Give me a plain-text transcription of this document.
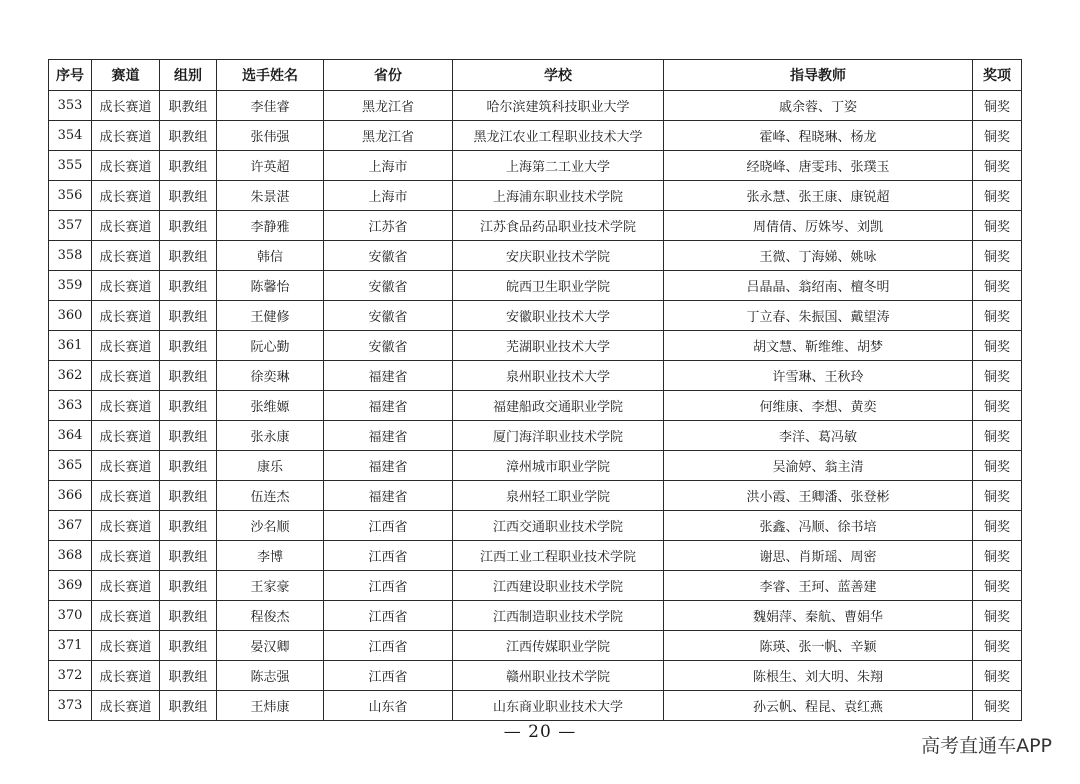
序号	赛道	组别	选手姓名	省份	学校	指导教师	奖项
353	成长赛道	职教组	李佳睿	黑龙江省	哈尔滨建筑科技职业大学	戚余蓉、丁姿	铜奖
354	成长赛道	职教组	张伟强	黑龙江省	黑龙江农业工程职业技术大学	霍峰、程晓琳、杨龙	铜奖
355	成长赛道	职教组	许英超	上海市	上海第二工业大学	经晓峰、唐雯玮、张璞玉	铜奖
356	成长赛道	职教组	朱景湛	上海市	上海浦东职业技术学院	张永慧、张王康、康锐超	铜奖
357	成长赛道	职教组	李静雅	江苏省	江苏食品药品职业技术学院	周倩倩、厉姝岑、刘凯	铜奖
358	成长赛道	职教组	韩信	安徽省	安庆职业技术学院	王微、丁海娣、姚咏	铜奖
359	成长赛道	职教组	陈馨怡	安徽省	皖西卫生职业学院	吕晶晶、翁绍南、檀冬明	铜奖
360	成长赛道	职教组	王健修	安徽省	安徽职业技术大学	丁立春、朱振国、戴望涛	铜奖
361	成长赛道	职教组	阮心勤	安徽省	芜湖职业技术大学	胡文慧、靳维维、胡梦	铜奖
362	成长赛道	职教组	徐奕琳	福建省	泉州职业技术大学	许雪琳、王秋玲	铜奖
363	成长赛道	职教组	张维嫄	福建省	福建船政交通职业学院	何维康、李想、黄奕	铜奖
364	成长赛道	职教组	张永康	福建省	厦门海洋职业技术学院	李洋、葛冯敏	铜奖
365	成长赛道	职教组	康乐	福建省	漳州城市职业学院	吴渝婷、翁主清	铜奖
366	成长赛道	职教组	伍连杰	福建省	泉州轻工职业学院	洪小霞、王卿潘、张登彬	铜奖
367	成长赛道	职教组	沙名顺	江西省	江西交通职业技术学院	张鑫、冯顺、徐书培	铜奖
368	成长赛道	职教组	李博	江西省	江西工业工程职业技术学院	谢思、肖斯瑶、周密	铜奖
369	成长赛道	职教组	王家豪	江西省	江西建设职业技术学院	李睿、王珂、蓝善建	铜奖
370	成长赛道	职教组	程俊杰	江西省	江西制造职业技术学院	魏娟萍、秦航、曹娟华	铜奖
371	成长赛道	职教组	晏汉卿	江西省	江西传媒职业学院	陈瑛、张一帆、辛颖	铜奖
372	成长赛道	职教组	陈志强	江西省	赣州职业技术学院	陈根生、刘大明、朱翔	铜奖
373	成长赛道	职教组	王炜康	山东省	山东商业职业技术大学	孙云帆、程昆、袁红燕	铜奖
— 20 —
高考直通车APP
